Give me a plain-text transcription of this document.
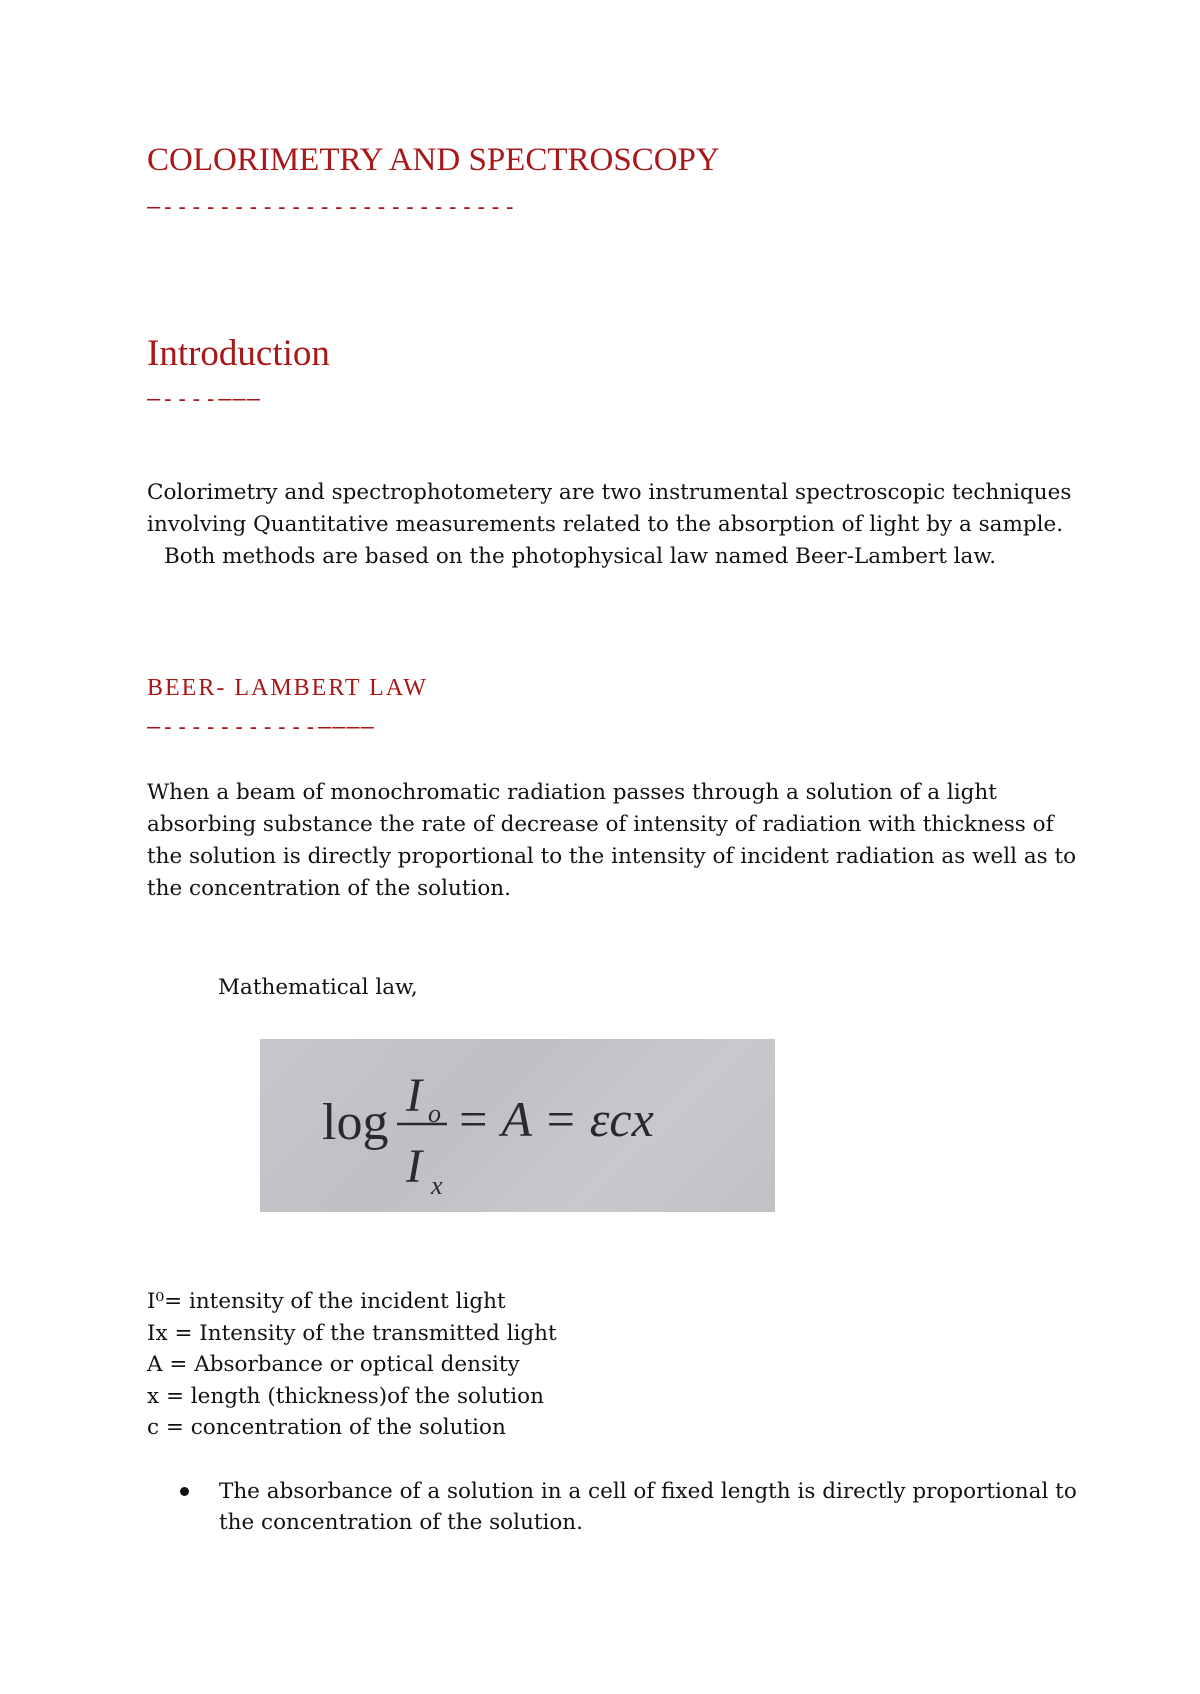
COLORIMETRY AND SPECTROSCOPY
—-------------------------
Introduction
—----———

Colorimetry and spectrophotometery are two instrumental spectroscopic techniques

involving Quantitative measurements related to the absorption of light by a sample.

Both methods are based on the photophysical law named Beer-Lambert law.

BEER- LAMBERT LAW
—-----------————

When a beam of monochromatic radiation passes through a solution of a light

absorbing substance the rate of decrease of intensity of radiation with thickness of

the solution is directly proportional to the intensity of incident radiation as well as to

the concentration of the solution.

Mathematical law,
log I o
I x
= A = εcx
I⁰= intensity of the incident light
Ix = Intensity of the transmitted light
A = Absorbance or optical density
x = length (thickness)of the solution
c = concentration of the solution
The absorbance of a solution in a cell of fixed length is directly proportional to
the concentration of the solution.
